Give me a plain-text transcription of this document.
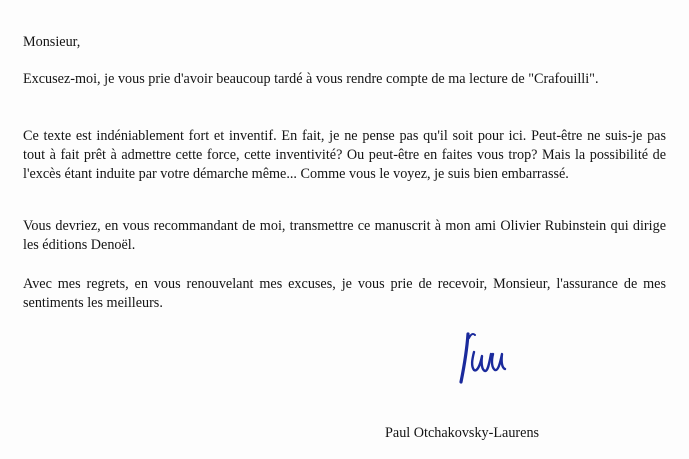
Monsieur,

Excusez-moi, je vous prie d'avoir beaucoup tardé à vous rendre compte de ma lecture de "Crafouilli".

Ce texte est indéniablement fort et inventif. En fait, je ne pense pas qu'il soit pour ici. Peut-être ne suis-je pas tout à fait prêt à admettre cette force, cette inventivité? Ou peut-être en faites vous trop? Mais la possibilité de l'excès étant induite par votre démarche même... Comme vous le voyez, je suis bien embarrassé.

Vous devriez, en vous recommandant de moi, transmettre ce manuscrit à mon ami Olivier Rubinstein qui dirige les éditions Denoël.

Avec mes regrets, en vous renouvelant mes excuses, je vous prie de recevoir, Monsieur, l'assurance de mes sentiments les meilleurs.

Paul Otchakovsky-Laurens
